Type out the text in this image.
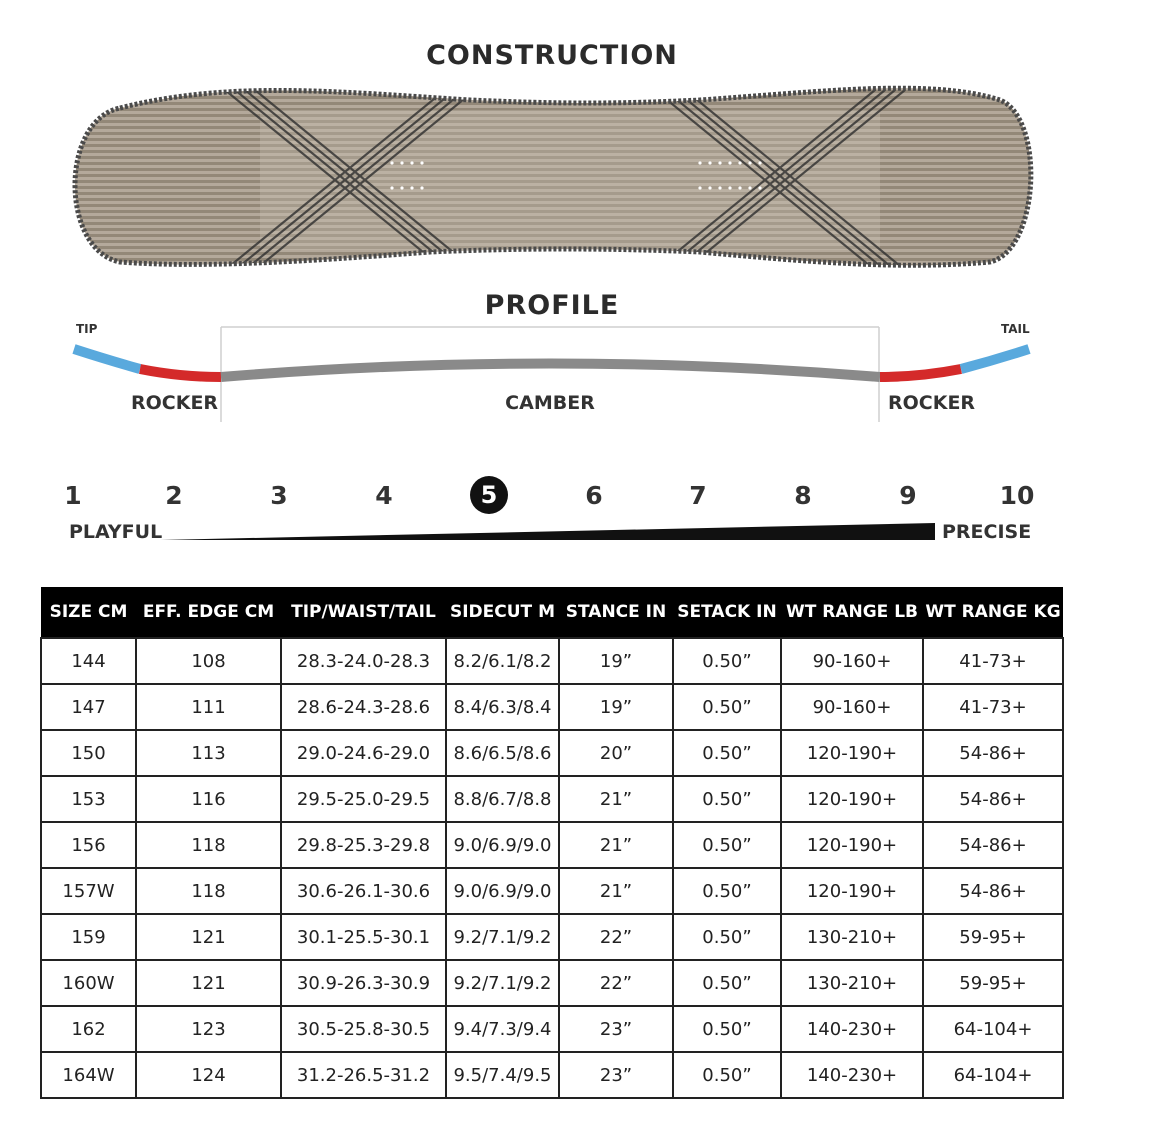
CONSTRUCTION
PROFILE
TIP	TAIL
ROCKER	CAMBER	ROCKER
1	2	3	4	5	6	7	8	9	10
PLAYFUL	PRECISE
SIZE CM	EFF. EDGE CM	TIP/WAIST/TAIL	SIDECUT M	STANCE IN	SETACK IN	WT RANGE LB	WT RANGE KG
144	108	28.3-24.0-28.3	8.2/6.1/8.2	19”	0.50”	90-160+	41-73+
147	111	28.6-24.3-28.6	8.4/6.3/8.4	19”	0.50”	90-160+	41-73+
150	113	29.0-24.6-29.0	8.6/6.5/8.6	20”	0.50”	120-190+	54-86+
153	116	29.5-25.0-29.5	8.8/6.7/8.8	21”	0.50”	120-190+	54-86+
156	118	29.8-25.3-29.8	9.0/6.9/9.0	21”	0.50”	120-190+	54-86+
157W	118	30.6-26.1-30.6	9.0/6.9/9.0	21”	0.50”	120-190+	54-86+
159	121	30.1-25.5-30.1	9.2/7.1/9.2	22”	0.50”	130-210+	59-95+
160W	121	30.9-26.3-30.9	9.2/7.1/9.2	22”	0.50”	130-210+	59-95+
162	123	30.5-25.8-30.5	9.4/7.3/9.4	23”	0.50”	140-230+	64-104+
164W	124	31.2-26.5-31.2	9.5/7.4/9.5	23”	0.50”	140-230+	64-104+
